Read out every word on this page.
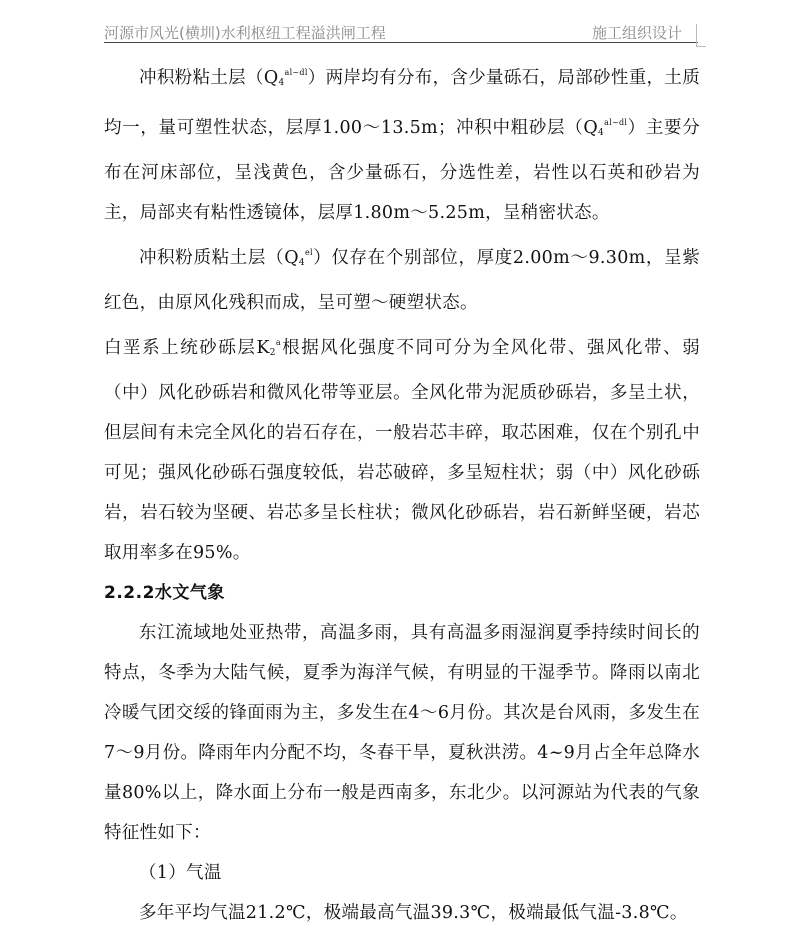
河源市风光(横圳)水利枢纽工程溢洪闸工程	施工组织设计

冲积粉粘土层$(Q_4^{al\sim dl})$两岸均有分布，含少量砾石，局部砂性重，土质均一，量可塑性状态，层厚1.00～13.5m；冲积中粗砂层$(Q_4^{al\sim dl})$主要分布在河床部位，呈浅黄色，含少量砾石，分选性差，岩性以石英和砂岩为主，局部夹有粘性透镜体，层厚1.80m～5.25m，呈稍密状态。

冲积粉质粘土层$(Q_4^{el})$仅存在个别部位，厚度2.00m～9.30m，呈紫红色，由原风化残积而成，呈可塑～硬塑状态。

白垩系上统砂砾层$K_2^a$根据风化强度不同可分为全风化带、强风化带、弱（中）风化砂砾岩和微风化带等亚层。全风化带为泥质砂砾岩，多呈土状，但层间有未完全风化的岩石存在，一般岩芯丰碎，取芯困难，仅在个别孔中可见；强风化砂砾石强度较低，岩芯破碎，多呈短柱状；弱（中）风化砂砾岩，岩石较为坚硬、岩芯多呈长柱状；微风化砂砾岩，岩石新鲜坚硬，岩芯取用率多在95%。

2.2.2水文气象

东江流域地处亚热带，高温多雨，具有高温多雨湿润夏季持续时间长的特点，冬季为大陆气候，夏季为海洋气候，有明显的干湿季节。降雨以南北冷暖气团交绥的锋面雨为主，多发生在4～6月份。其次是台风雨，多发生在7～9月份。降雨年内分配不均，冬春干旱，夏秋洪涝。4~9月占全年总降水量80%以上，降水面上分布一般是西南多，东北少。以河源站为代表的气象特征性如下：

（1）气温

多年平均气温21.2℃，极端最高气温39.3℃，极端最低气温-3.8℃。
